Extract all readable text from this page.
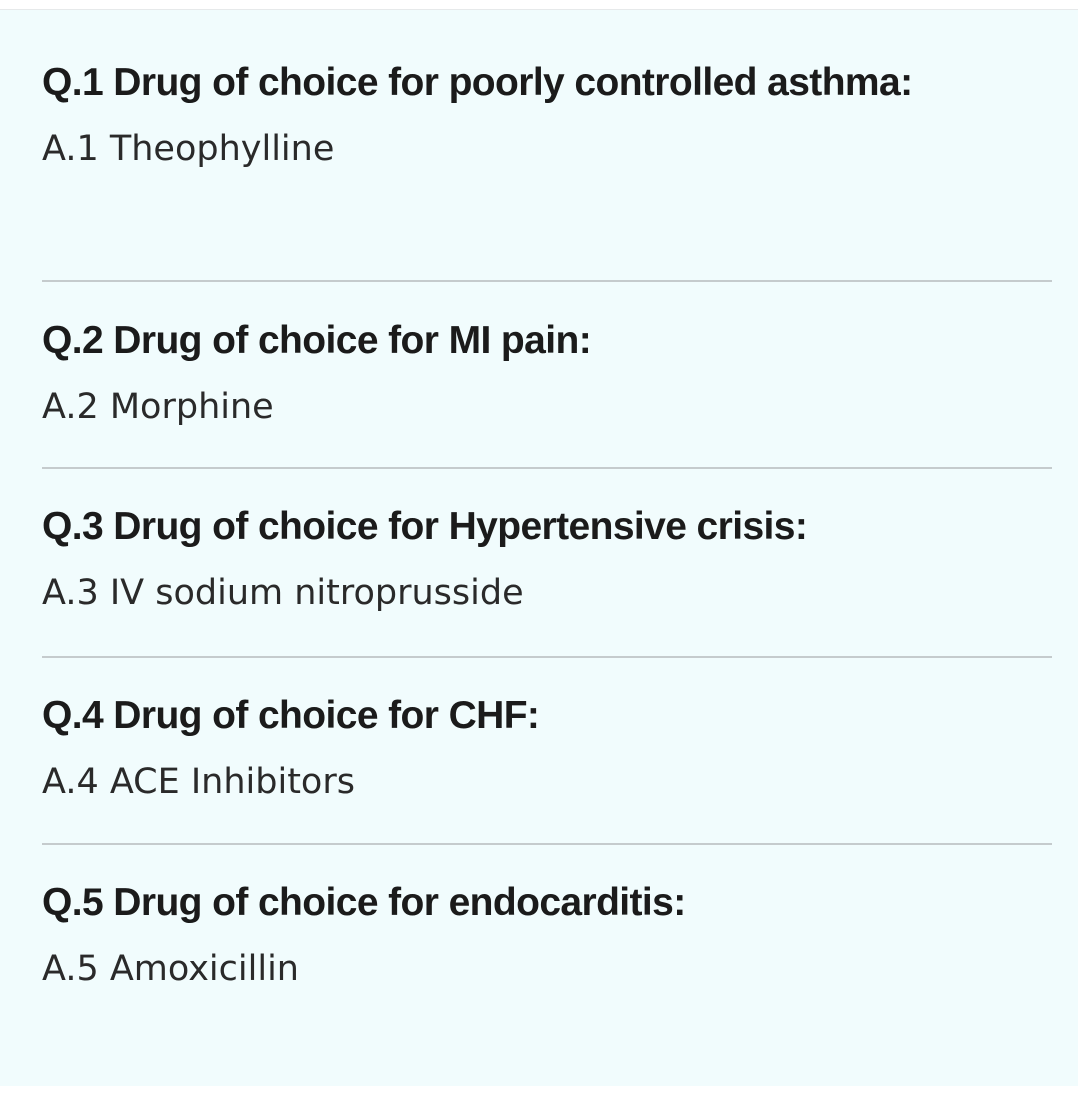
Q.1 Drug of choice for poorly controlled asthma:

A.1 Theophylline

Q.2 Drug of choice for MI pain:

A.2 Morphine

Q.3 Drug of choice for Hypertensive crisis:

A.3 IV sodium nitroprusside

Q.4 Drug of choice for CHF:

A.4 ACE Inhibitors

Q.5 Drug of choice for endocarditis:

A.5 Amoxicillin
